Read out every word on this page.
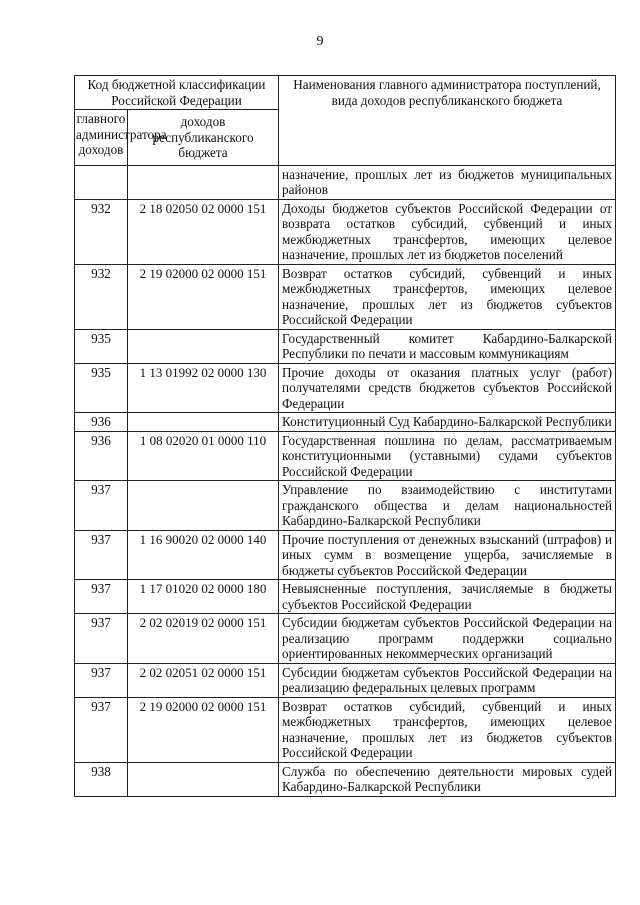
9
Код бюджетной классификации Российской Федерации		Наименования главного администратора поступлений, вида доходов республиканского бюджета
главного администратора доходов	доходов республиканского бюджета	
		назначение, прошлых лет из бюджетов муниципальных районов
932	2 18 02050 02 0000 151	Доходы бюджетов субъектов Российской Федерации от возврата остатков субсидий, субвенций и иных межбюджетных трансфертов, имеющих целевое назначение, прошлых лет из бюджетов поселений
932	2 19 02000 02 0000 151	Возврат остатков субсидий, субвенций и иных межбюджетных трансфертов, имеющих целевое назначение, прошлых лет из бюджетов субъектов Российской Федерации
935		Государственный комитет Кабардино-Балкарской Республики по печати и массовым коммуникациям
935	1 13 01992 02 0000 130	Прочие доходы от оказания платных услуг (работ) получателями средств бюджетов субъектов Российской Федерации
936		Конституционный Суд Кабардино-Балкарской Республики
936	1 08 02020 01 0000 110	Государственная пошлина по делам, рассматриваемым конституционными (уставными) судами субъектов Российской Федерации
937		Управление по взаимодействию с институтами гражданского общества и делам национальностей Кабардино-Балкарской Республики
937	1 16 90020 02 0000 140	Прочие поступления от денежных взысканий (штрафов) и иных сумм в возмещение ущерба, зачисляемые в бюджеты субъектов Российской Федерации
937	1 17 01020 02 0000 180	Невыясненные поступления, зачисляемые в бюджеты субъектов Российской Федерации
937	2 02 02019 02 0000 151	Субсидии бюджетам субъектов Российской Федерации на реализацию программ поддержки социально ориентированных некоммерческих организаций
937	2 02 02051 02 0000 151	Субсидии бюджетам субъектов Российской Федерации на реализацию федеральных целевых программ
937	2 19 02000 02 0000 151	Возврат остатков субсидий, субвенций и иных межбюджетных трансфертов, имеющих целевое назначение, прошлых лет из бюджетов субъектов Российской Федерации
938		Служба по обеспечению деятельности мировых судей Кабардино-Балкарской Республики
